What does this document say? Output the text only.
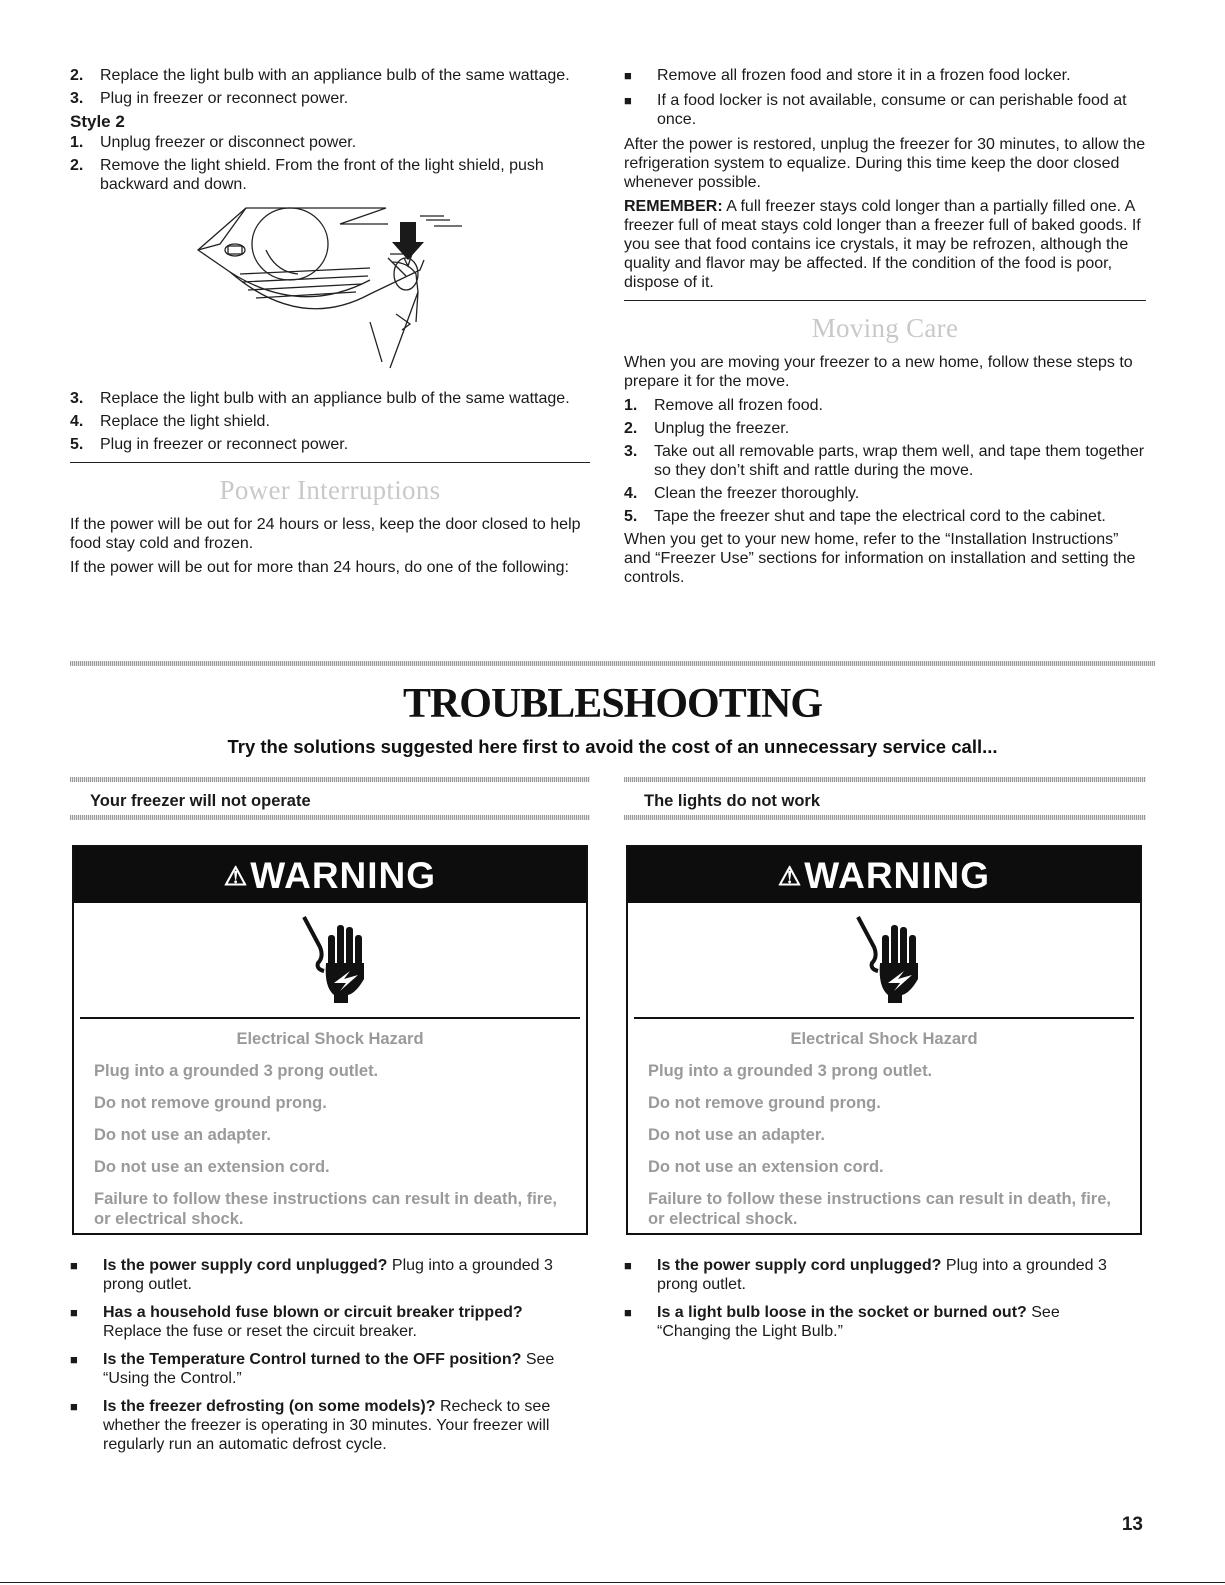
2.	Replace the light bulb with an appliance bulb of the same wattage.
3.	Plug in freezer or reconnect power.
Style 2
1.	Unplug freezer or disconnect power.
2.	Remove the light shield. From the front of the light shield, push backward and down.
3.	Replace the light bulb with an appliance bulb of the same wattage.
4.	Replace the light shield.
5.	Plug in freezer or reconnect power.
Power Interruptions

If the power will be out for 24 hours or less, keep the door closed to help food stay cold and frozen.

If the power will be out for more than 24 hours, do one of the following:

■	Remove all frozen food and store it in a frozen food locker.
■	If a food locker is not available, consume or can perishable food at once.

After the power is restored, unplug the freezer for 30 minutes, to allow the refrigeration system to equalize. During this time keep the door closed whenever possible.

REMEMBER: A full freezer stays cold longer than a partially filled one. A freezer full of meat stays cold longer than a freezer full of baked goods. If you see that food contains ice crystals, it may be refrozen, although the quality and flavor may be affected. If the condition of the food is poor, dispose of it.

Moving Care

When you are moving your freezer to a new home, follow these steps to prepare it for the move.

1.	Remove all frozen food.
2.	Unplug the freezer.
3.	Take out all removable parts, wrap them well, and tape them together so they don’t shift and rattle during the move.
4.	Clean the freezer thoroughly.
5.	Tape the freezer shut and tape the electrical cord to the cabinet.

When you get to your new home, refer to the “Installation Instructions” and “Freezer Use” sections for information on installation and setting the controls.

TROUBLESHOOTING
Try the solutions suggested here first to avoid the cost of an unnecessary service call...
Your freezer will not operate	The lights do not work
⚠WARNING
Electrical Shock Hazard

Plug into a grounded 3 prong outlet.

Do not remove ground prong.

Do not use an adapter.

Do not use an extension cord.

Failure to follow these instructions can result in death, fire, or electrical shock.

⚠WARNING
Electrical Shock Hazard

Plug into a grounded 3 prong outlet.

Do not remove ground prong.

Do not use an adapter.

Do not use an extension cord.

Failure to follow these instructions can result in death, fire, or electrical shock.

■	Is the power supply cord unplugged? Plug into a grounded 3 prong outlet.
■	Has a household fuse blown or circuit breaker tripped? Replace the fuse or reset the circuit breaker.
■	Is the Temperature Control turned to the OFF position? See “Using the Control.”
■	Is the freezer defrosting (on some models)? Recheck to see whether the freezer is operating in 30 minutes. Your freezer will regularly run an automatic defrost cycle.
■	Is the power supply cord unplugged? Plug into a grounded 3 prong outlet.
■	Is a light bulb loose in the socket or burned out? See “Changing the Light Bulb.”
13
